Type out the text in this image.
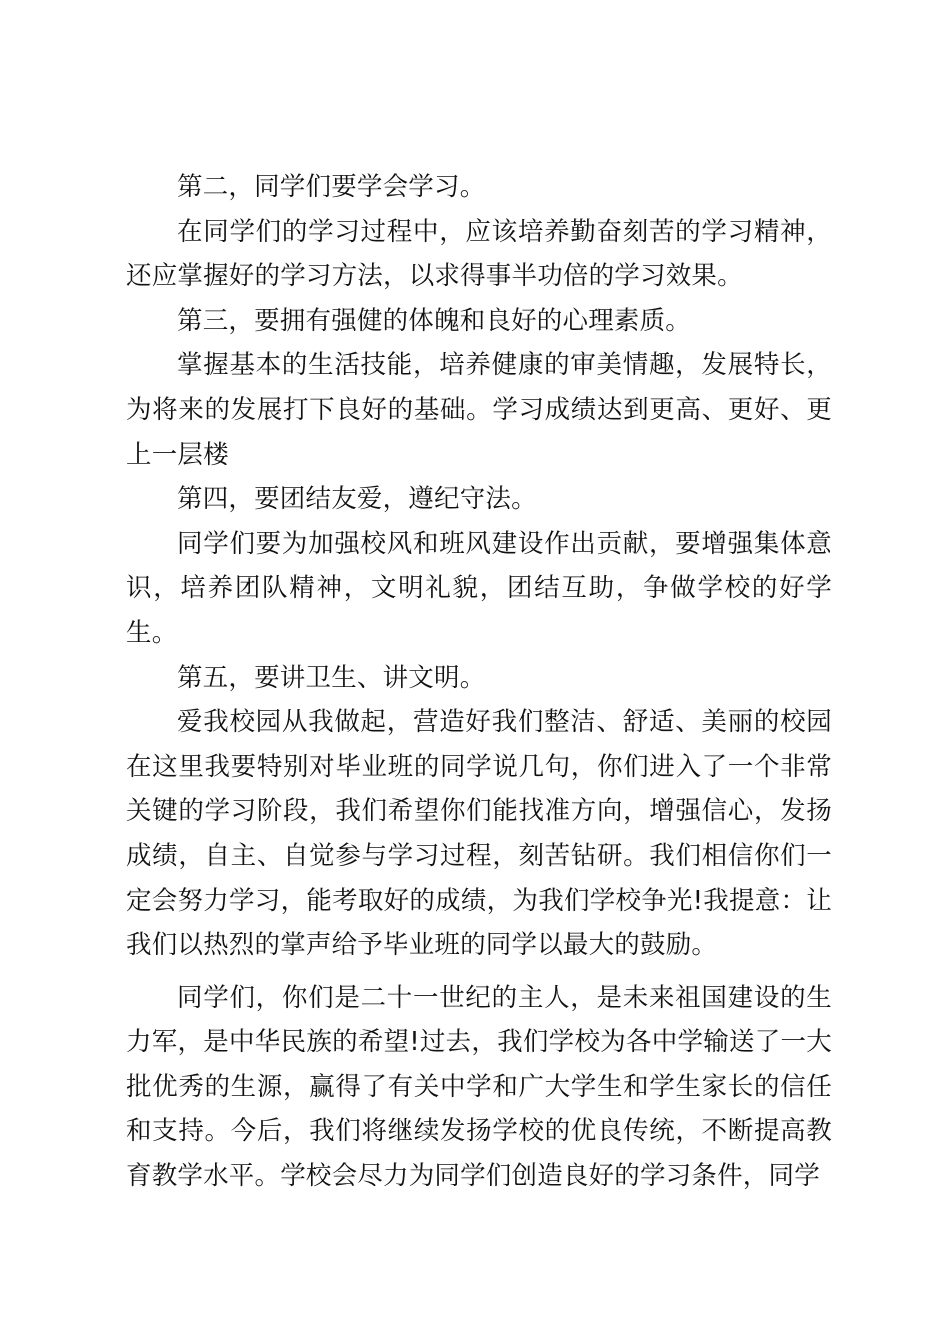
第二，同学们要学会学习。

在同学们的学习过程中，应该培养勤奋刻苦的学习精神，还应掌握好的学习方法，以求得事半功倍的学习效果。

第三，要拥有强健的体魄和良好的心理素质。

掌握基本的生活技能，培养健康的审美情趣，发展特长，为将来的发展打下良好的基础。学习成绩达到更高、更好、更上一层楼

第四，要团结友爱，遵纪守法。

同学们要为加强校风和班风建设作出贡献，要增强集体意识，培养团队精神，文明礼貌，团结互助，争做学校的好学生。

第五，要讲卫生、讲文明。

爱我校园从我做起，营造好我们整洁、舒适、美丽的校园在这里我要特别对毕业班的同学说几句，你们进入了一个非常关键的学习阶段，我们希望你们能找准方向，增强信心，发扬成绩，自主、自觉参与学习过程，刻苦钻研。我们相信你们一定会努力学习，能考取好的成绩，为我们学校争光!我提意：让我们以热烈的掌声给予毕业班的同学以最大的鼓励。

同学们，你们是二十一世纪的主人，是未来祖国建设的生力军，是中华民族的希望!过去，我们学校为各中学输送了一大批优秀的生源，赢得了有关中学和广大学生和学生家长的信任和支持。今后，我们将继续发扬学校的优良传统，不断提高教育教学水平。学校会尽力为同学们创造良好的学习条件，同学
